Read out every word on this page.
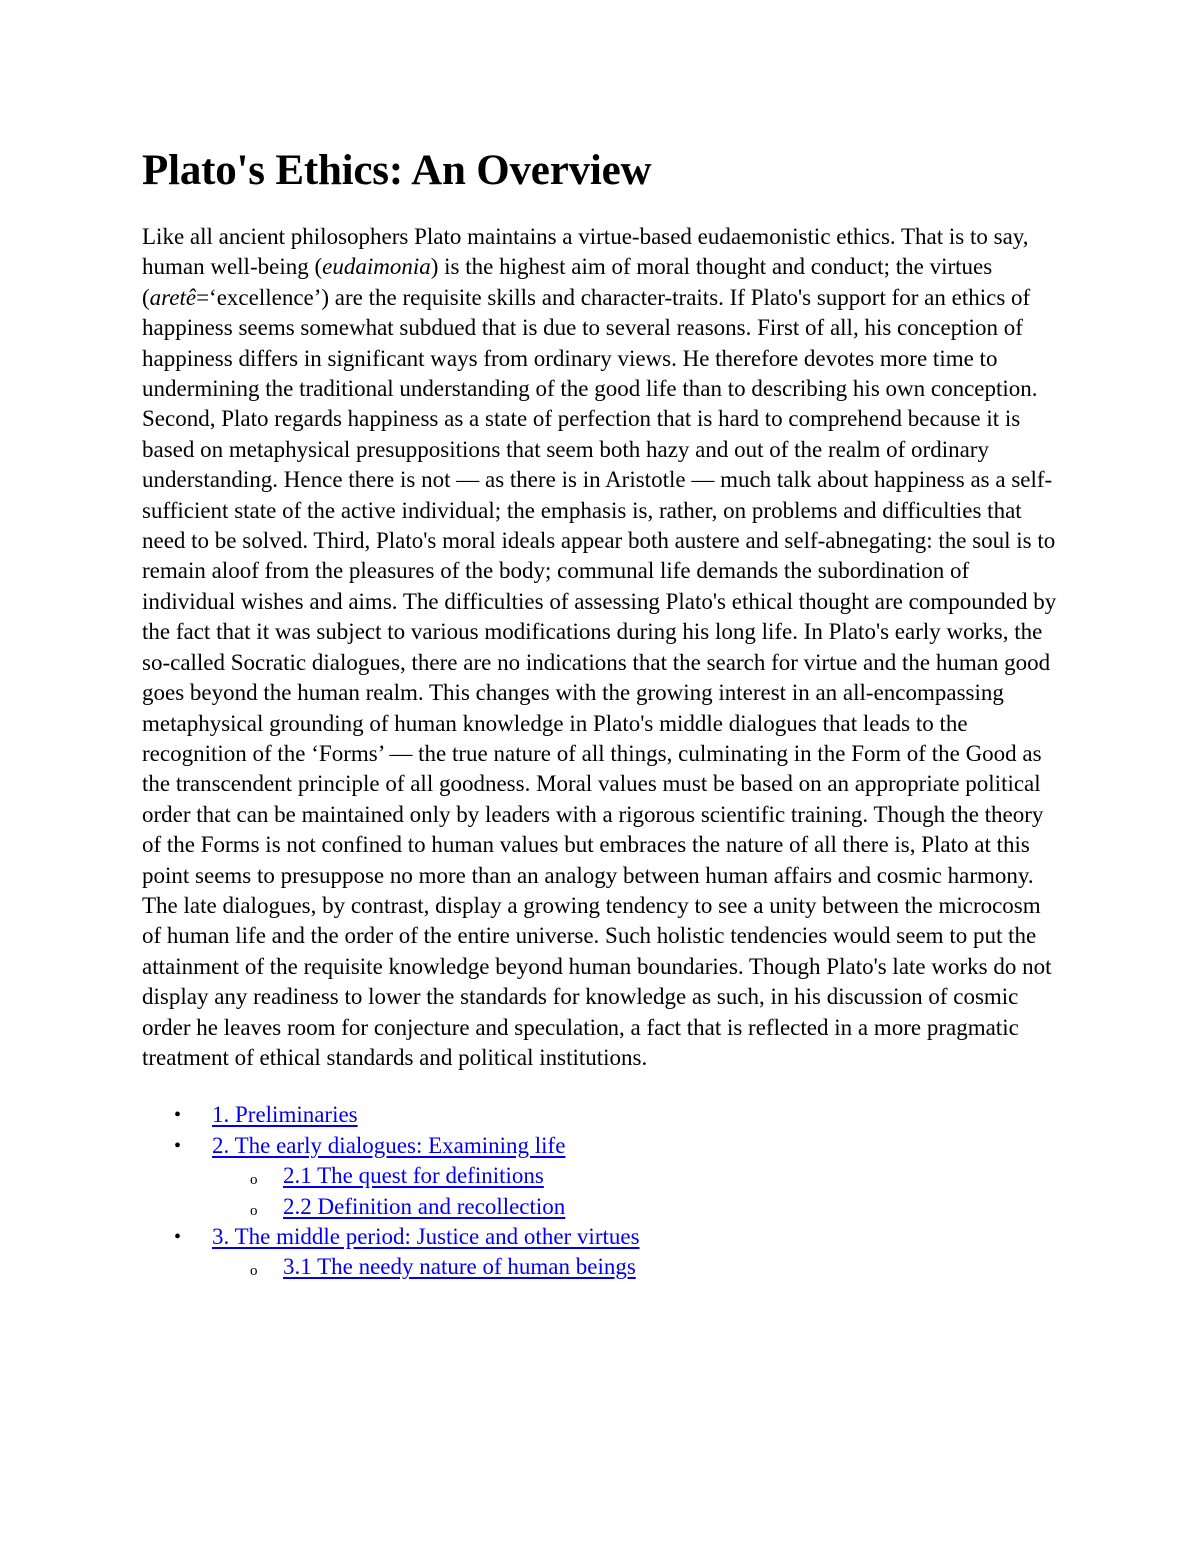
Plato's Ethics: An Overview

Like all ancient philosophers Plato maintains a virtue-based eudaemonistic ethics. That is to say, human well-being (eudaimonia) is the highest aim of moral thought and conduct; the virtues (aretê=‘excellence’) are the requisite skills and character-traits. If Plato's support for an ethics of happiness seems somewhat subdued that is due to several reasons. First of all, his conception of happiness differs in significant ways from ordinary views. He therefore devotes more time to undermining the traditional understanding of the good life than to describing his own conception. Second, Plato regards happiness as a state of perfection that is hard to comprehend because it is based on metaphysical presuppositions that seem both hazy and out of the realm of ordinary understanding. Hence there is not — as there is in Aristotle — much talk about happiness as a self-sufficient state of the active individual; the emphasis is, rather, on problems and difficulties that need to be solved. Third, Plato's moral ideals appear both austere and self-abnegating: the soul is to remain aloof from the pleasures of the body; communal life demands the subordination of individual wishes and aims. The difficulties of assessing Plato's ethical thought are compounded by the fact that it was subject to various modifications during his long life. In Plato's early works, the so-called Socratic dialogues, there are no indications that the search for virtue and the human good goes beyond the human realm. This changes with the growing interest in an all-encompassing metaphysical grounding of human knowledge in Plato's middle dialogues that leads to the recognition of the ‘Forms’ — the true nature of all things, culminating in the Form of the Good as the transcendent principle of all goodness. Moral values must be based on an appropriate political order that can be maintained only by leaders with a rigorous scientific training. Though the theory of the Forms is not confined to human values but embraces the nature of all there is, Plato at this point seems to presuppose no more than an analogy between human affairs and cosmic harmony. The late dialogues, by contrast, display a growing tendency to see a unity between the microcosm of human life and the order of the entire universe. Such holistic tendencies would seem to put the attainment of the requisite knowledge beyond human boundaries. Though Plato's late works do not display any readiness to lower the standards for knowledge as such, in his discussion of cosmic order he leaves room for conjecture and speculation, a fact that is reflected in a more pragmatic treatment of ethical standards and political institutions.

• 1. Preliminaries
• 2. The early dialogues: Examining life
o 2.1 The quest for definitions
o 2.2 Definition and recollection
• 3. The middle period: Justice and other virtues
o 3.1 The needy nature of human beings
